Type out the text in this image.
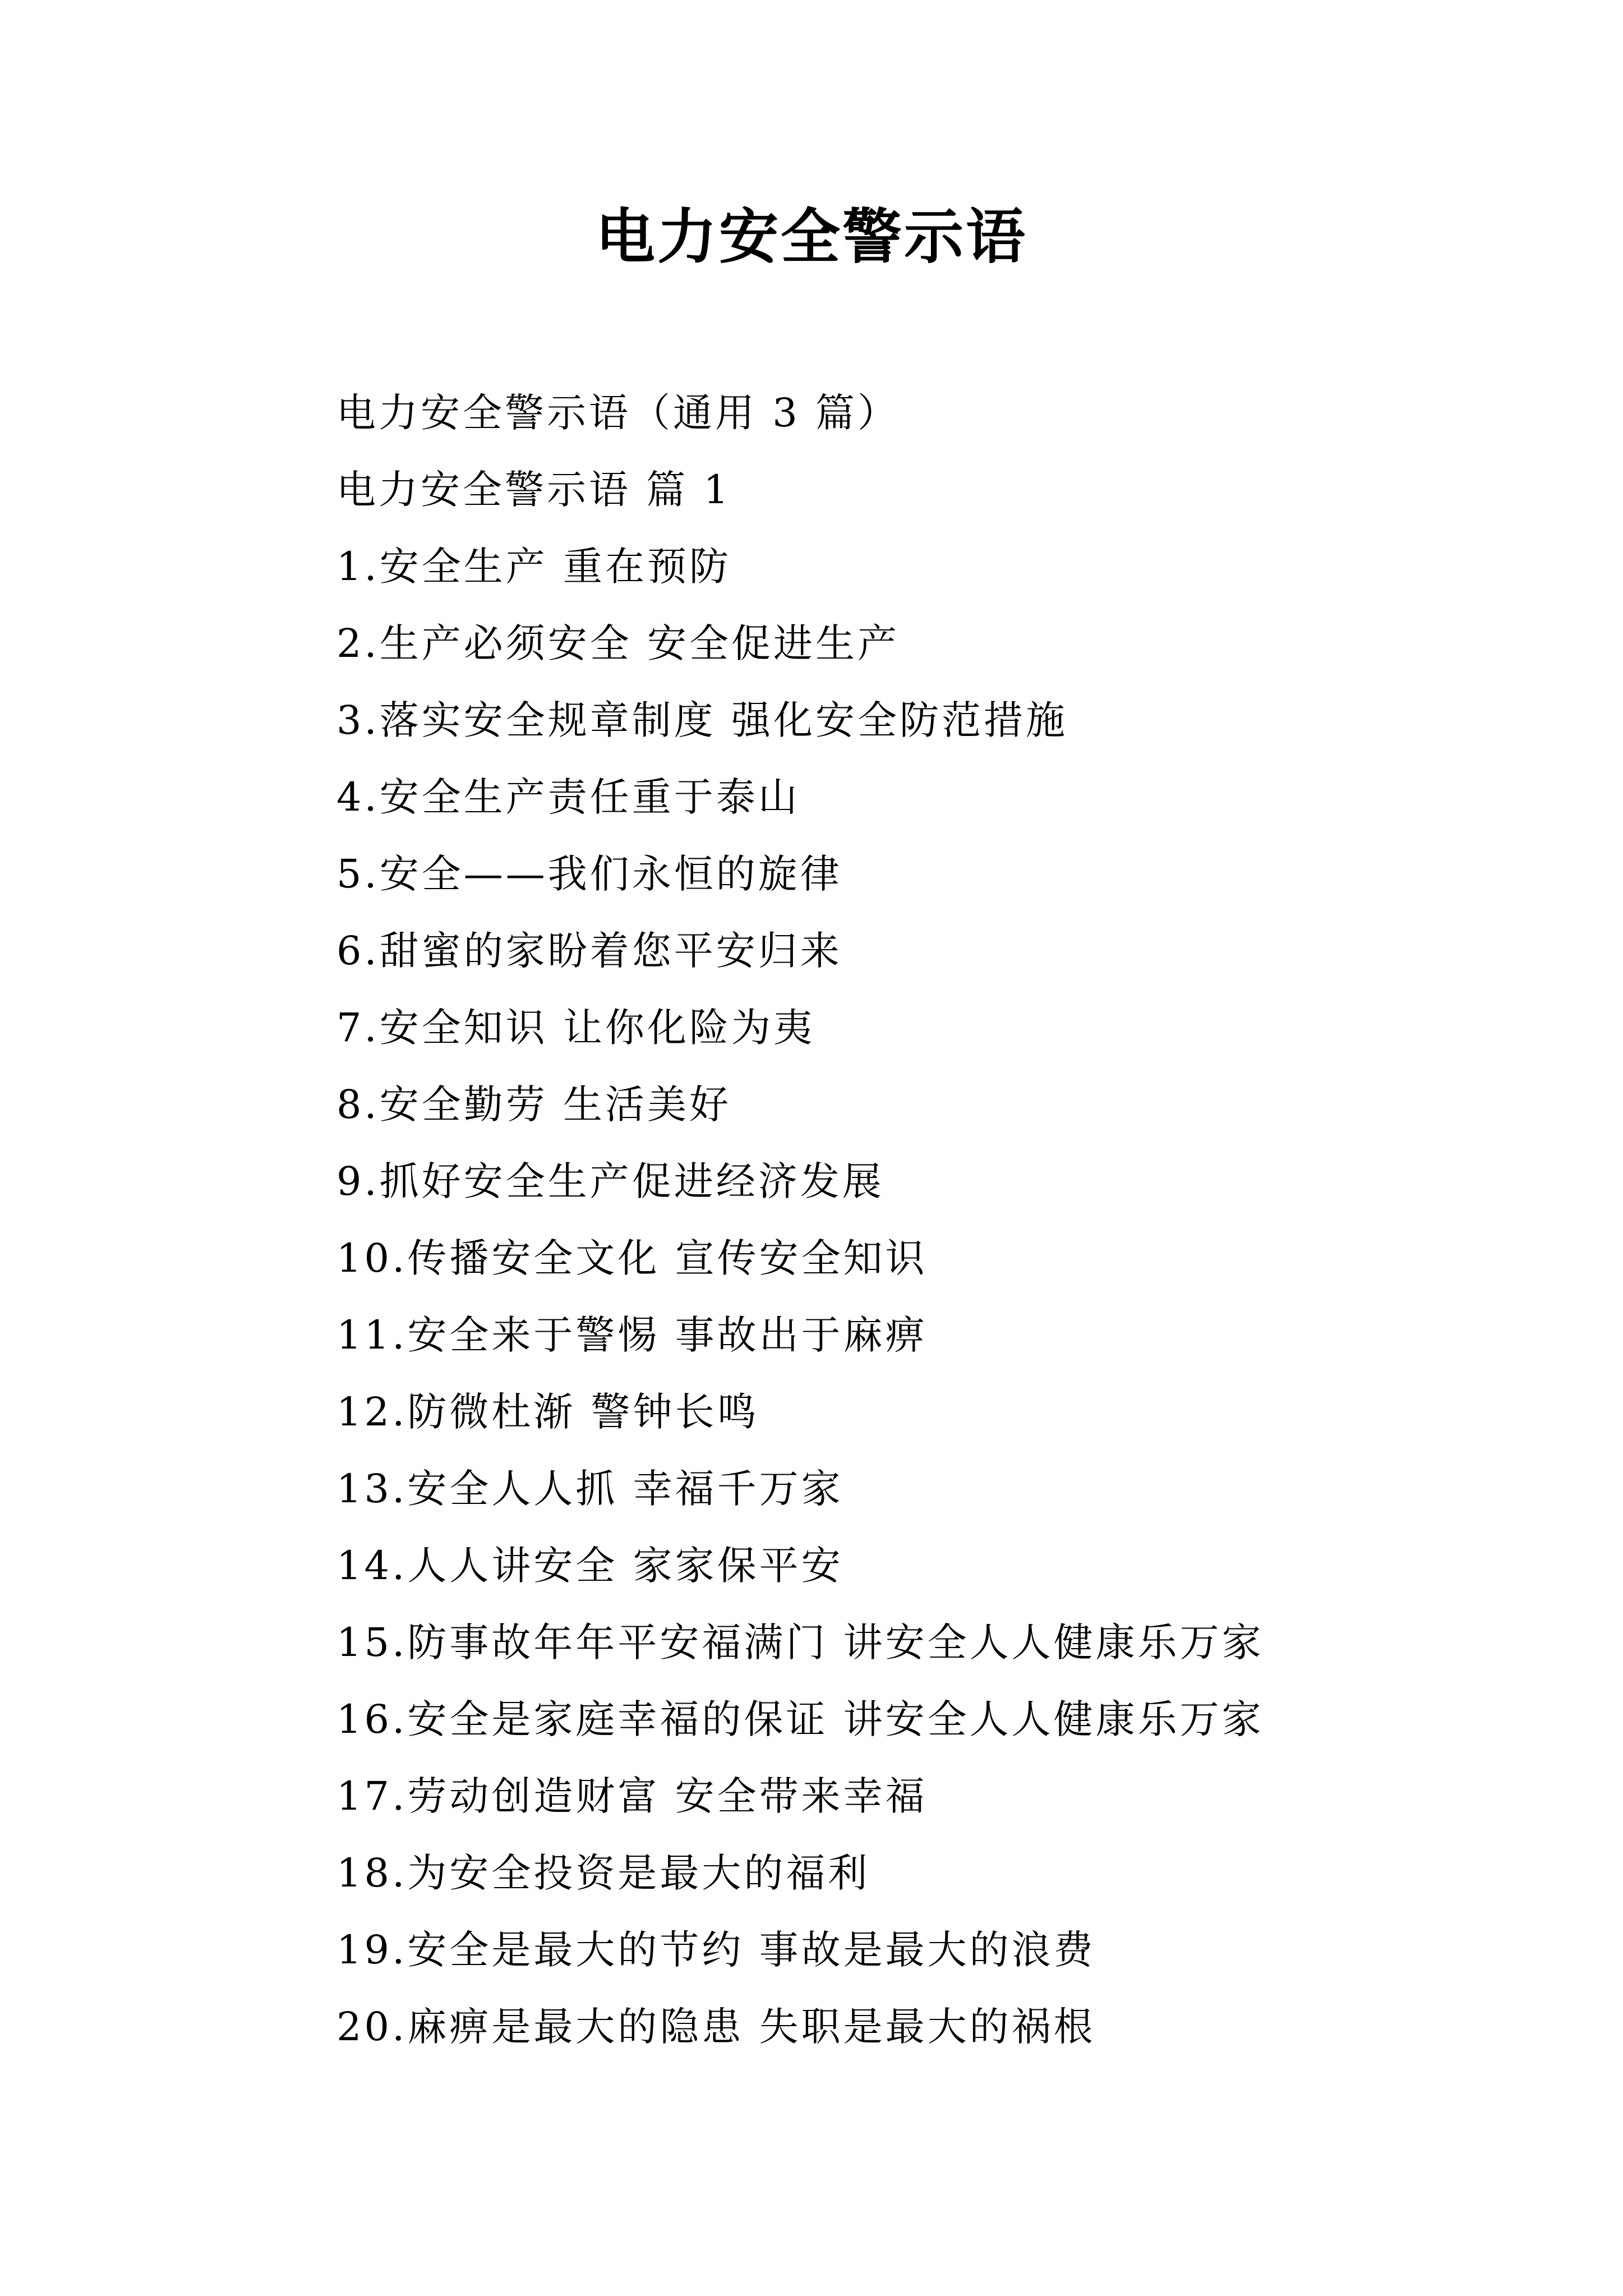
电力安全警示语
电力安全警示语（通用 3 篇）
电力安全警示语 篇 1
1.安全生产 重在预防
2.生产必须安全 安全促进生产
3.落实安全规章制度 强化安全防范措施
4.安全生产责任重于泰山
5.安全——我们永恒的旋律
6.甜蜜的家盼着您平安归来
7.安全知识 让你化险为夷
8.安全勤劳 生活美好
9.抓好安全生产促进经济发展
10.传播安全文化 宣传安全知识
11.安全来于警惕 事故出于麻痹
12.防微杜渐 警钟长鸣
13.安全人人抓 幸福千万家
14.人人讲安全 家家保平安
15.防事故年年平安福满门 讲安全人人健康乐万家
16.安全是家庭幸福的保证 讲安全人人健康乐万家
17.劳动创造财富 安全带来幸福
18.为安全投资是最大的福利
19.安全是最大的节约 事故是最大的浪费
20.麻痹是最大的隐患 失职是最大的祸根
